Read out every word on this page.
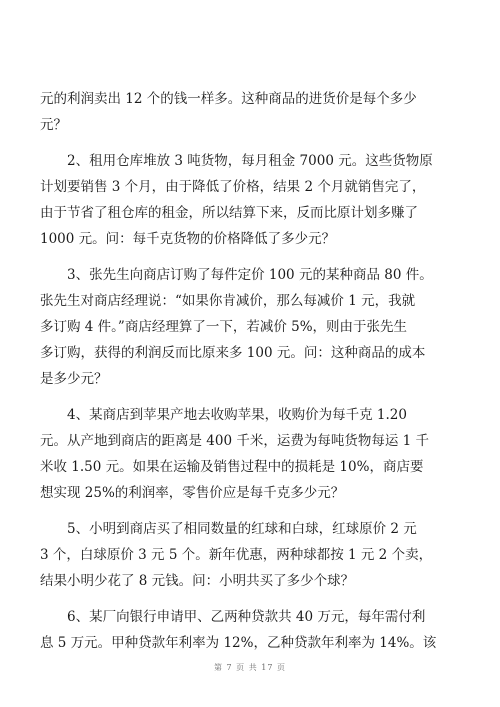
元的利润卖出 12 个的钱一样多。这种商品的进货价是每个多少
元？

　　2、租用仓库堆放 3 吨货物，每月租金 7000 元。这些货物原
计划要销售 3 个月，由于降低了价格，结果 2 个月就销售完了，
由于节省了租仓库的租金，所以结算下来，反而比原计划多赚了
1000 元。问：每千克货物的价格降低了多少元？

　　3、张先生向商店订购了每件定价 100 元的某种商品 80 件。
张先生对商店经理说：“如果你肯减价，那么每减价 1 元，我就
多订购 4 件。”商店经理算了一下，若减价 5%，则由于张先生
多订购，获得的利润反而比原来多 100 元。问：这种商品的成本
是多少元？

　　4、某商店到苹果产地去收购苹果，收购价为每千克 1.20
元。从产地到商店的距离是 400 千米，运费为每吨货物每运 1 千
米收 1.50 元。如果在运输及销售过程中的损耗是 10%，商店要
想实现 25%的利润率，零售价应是每千克多少元？

　　5、小明到商店买了相同数量的红球和白球，红球原价 2 元
3 个，白球原价 3 元 5 个。新年优惠，两种球都按 1 元 2 个卖，
结果小明少花了 8 元钱。问：小明共买了多少个球？

　　6、某厂向银行申请甲、乙两种贷款共 40 万元，每年需付利
息 5 万元。甲种贷款年利率为 12%，乙种贷款年利率为 14%。该

第 7 页 共 17 页
